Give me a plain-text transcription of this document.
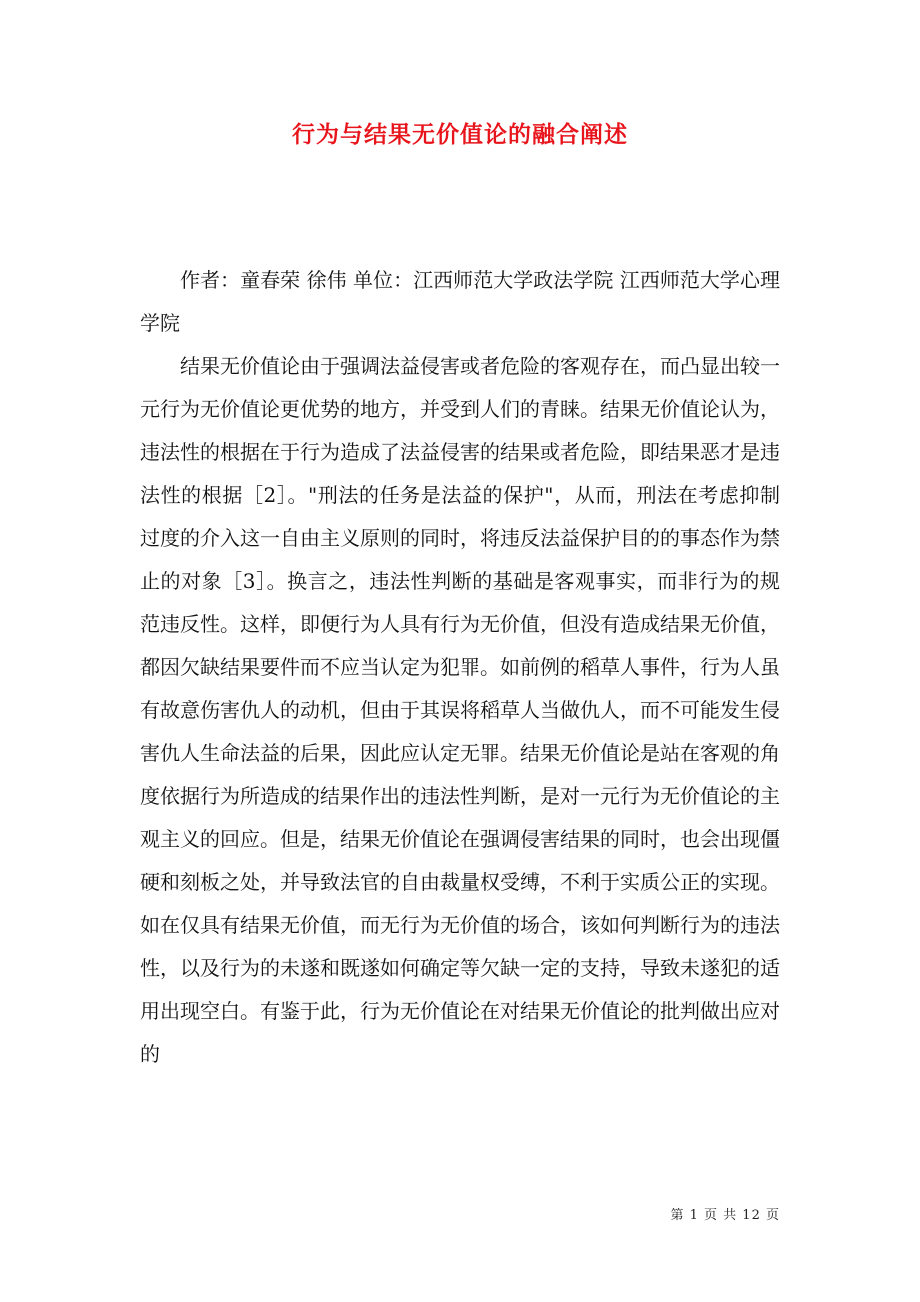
行为与结果无价值论的融合阐述

作者：童春荣 徐伟 单位：江西师范大学政法学院 江西师范大学心理学院

结果无价值论由于强调法益侵害或者危险的客观存在，而凸显出较一元行为无价值论更优势的地方，并受到人们的青睐。结果无价值论认为，违法性的根据在于行为造成了法益侵害的结果或者危险，即结果恶才是违法性的根据［2］。"刑法的任务是法益的保护"，从而，刑法在考虑抑制过度的介入这一自由主义原则的同时，将违反法益保护目的的事态作为禁止的对象［3］。换言之，违法性判断的基础是客观事实，而非行为的规范违反性。这样，即便行为人具有行为无价值，但没有造成结果无价值，都因欠缺结果要件而不应当认定为犯罪。如前例的稻草人事件，行为人虽有故意伤害仇人的动机，但由于其误将稻草人当做仇人，而不可能发生侵害仇人生命法益的后果，因此应认定无罪。结果无价值论是站在客观的角度依据行为所造成的结果作出的违法性判断，是对一元行为无价值论的主观主义的回应。但是，结果无价值论在强调侵害结果的同时，也会出现僵硬和刻板之处，并导致法官的自由裁量权受缚，不利于实质公正的实现。如在仅具有结果无价值，而无行为无价值的场合，该如何判断行为的违法性，以及行为的未遂和既遂如何确定等欠缺一定的支持，导致未遂犯的适用出现空白。有鉴于此，行为无价值论在对结果无价值论的批判做出应对的

第 1 页 共 12 页
